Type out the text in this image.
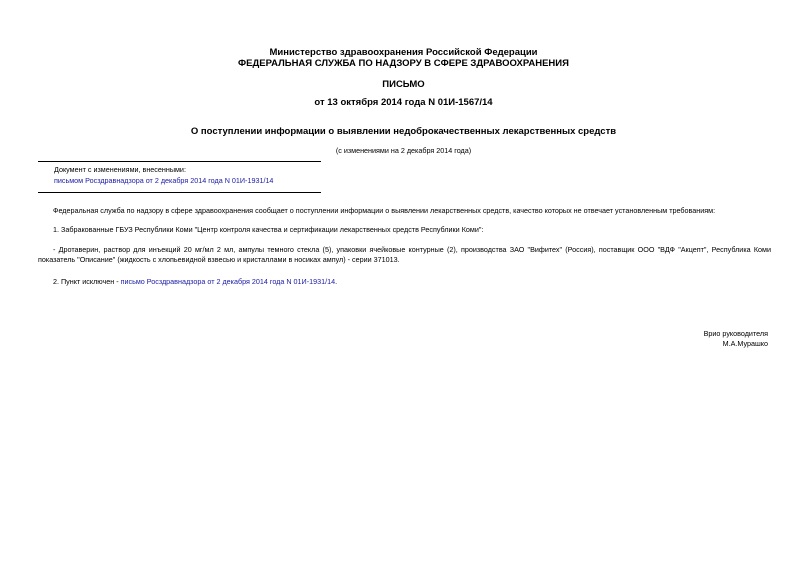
Министерство здравоохранения Российской Федерации
ФЕДЕРАЛЬНАЯ СЛУЖБА ПО НАДЗОРУ В СФЕРЕ ЗДРАВООХРАНЕНИЯ
ПИСЬМО
от 13 октября 2014 года N 01И-1567/14
О поступлении информации о выявлении недоброкачественных лекарственных средств
(с изменениями на 2 декабря 2014 года)
Документ с изменениями, внесенными:
письмом Росздравнадзора от 2 декабря 2014 года N 01И-1931/14
Федеральная служба по надзору в сфере здравоохранения сообщает о поступлении информации о выявлении лекарственных средств, качество которых не отвечает установленным требованиям:
1. Забракованные ГБУЗ Республики Коми "Центр контроля качества и сертификации лекарственных средств Республики Коми":
- Дротаверин, раствор для инъекций 20 мг/мл 2 мл, ампулы темного стекла (5), упаковки ячейковые контурные (2), производства ЗАО "Вифитех" (Россия), поставщик ООО "ВДФ "Акцепт", Республика Коми показатель "Описание" (жидкость с хлопьевидной взвесью и кристаллами в носиках ампул) - серии 371013.
2. Пункт исключен - письмо Росздравнадзора от 2 декабря 2014 года N 01И-1931/14.
Врио руководителя
М.А.Мурашко
